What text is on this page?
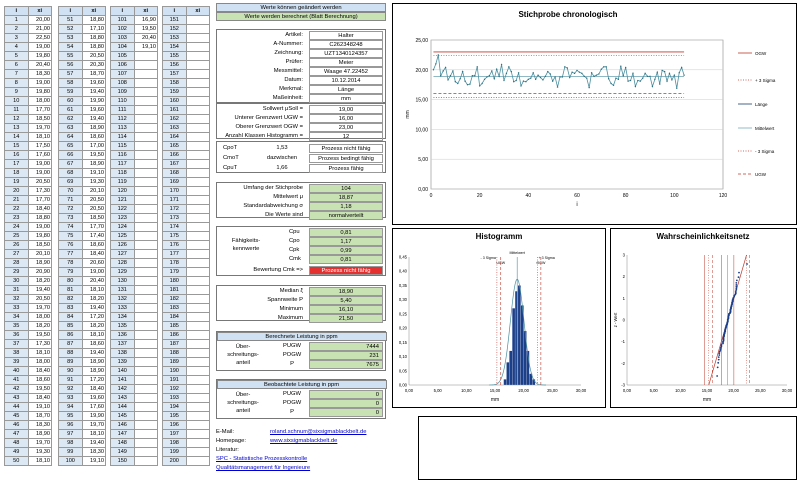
i	xi
1	20,00
2	21,00
3	22,50
4	19,00
5	19,80
6	20,40
7	18,30
8	19,00
9	19,80
10	18,00
11	17,70
12	18,50
13	19,70
14	18,10
15	17,50
16	17,60
17	19,00
18	19,00
19	20,50
20	17,30
21	17,70
22	18,40
23	18,80
24	19,00
25	19,80
26	18,50
27	20,10
28	18,90
29	20,90
30	18,20
31	19,40
32	20,50
33	19,70
34	18,00
35	18,20
36	19,50
37	17,30
38	18,10
39	18,00
40	18,40
41	18,60
42	19,50
43	18,40
44	19,10
45	18,70
46	18,30
47	18,90
48	19,70
49	19,30
50	18,10
i	xi
51	18,80
52	17,10
53	18,80
54	18,80
55	20,50
56	20,30
57	18,70
58	19,60
59	19,40
60	19,90
61	19,60
62	19,40
63	18,90
64	18,60
65	17,00
66	19,50
67	18,90
68	19,10
69	19,30
70	20,10
71	20,50
72	20,50
73	18,50
74	17,70
75	17,40
76	18,60
77	18,40
78	20,60
79	19,00
80	20,40
81	18,10
82	18,20
83	19,40
84	17,20
85	18,20
86	18,10
87	18,60
88	19,40
89	18,90
90	18,90
91	17,20
92	18,40
93	19,60
94	17,60
95	19,90
96	19,70
97	18,10
98	19,40
99	18,30
100	19,10
i	xi
101	16,90
102	19,50
103	20,40
104	19,10
105	
106	
107	
108	
109	
110	
111	
112	
113	
114	
115	
116	
117	
118	
119	
120	
121	
122	
123	
124	
125	
126	
127	
128	
129	
130	
131	
132	
133	
134	
135	
136	
137	
138	
139	
140	
141	
142	
143	
144	
145	
146	
147	
148	
149	
150	
i	xi
151	
152	
153	
154	
155	
156	
157	
158	
159	
160	
161	
162	
163	
164	
165	
166	
167	
168	
169	
170	
171	
172	
173	
174	
175	
176	
177	
178	
179	
180	
181	
182	
183	
184	
185	
186	
187	
188	
189	
190	
191	
192	
193	
194	
195	
196	
197	
198	
199	
200	
Werte können geändert werden
Werte werden berechnet (Blatt Berechnung)
Artikel:	Halter
A-Nummer:	C262348248
Zeichnung:	UZT1340124357
Prüfer:	Meier
Messmittel:	Waage 47.22452
Datum:	10.12.2014
Merkmal:	Länge
Maßeinheit:	mm
Sollwert μSoll =	19,00
Unterer Grenzwert UGW =	16,00
Oberer Grenzwert OGW =	23,00
Anzahl Klassen Histogramm =	12
CpoT	1,53	Prozess nicht fähig
CmoT	dazwischen	Prozess bedingt fähig
CpuT	1,66	Prozess fähig
Umfang der Stichprobe	104
Mittelwert μ	18,87
Standardabweichung σ	1,18
Die Werte sind	normalverteilt
Fähigkeits-
kennwerte
Cpu	0,81
Cpo	1,17
Cpk	0,99
Cmk	0,81
Bewertung Cmk =>	Prozess nicht fähig
Median ξ	18,90
Spannweite P	5,40
Minimum	16,10
Maximum	21,50
Berechnete Leistung in ppm
Über-
schreitungs-
anteil
PUGW	7444
POGW	231
P	7675
Beobachtete Leistung in ppm
Über-
schreitungs-
anteil
PUGW	0
POGW	0
P	0
E-Mail:	roland.schnurr@sixsigmablackbelt.de
Homepage:	www.sixsigmablackbelt.de
Literatur:
SPC - Statistische Prozesskontrolle
Qualitätsmanagement für Ingenieure
Stichprobe chronologisch
0,00
5,00
10,00
15,00
20,00
25,00
0	20	40	60	80	100	120
i
mm
OGW
+ 3 Sigma
Länge
Mittelwert
- 3 Sigma
UGW
Histogramm
0,00
0,05
0,10
0,15
0,20
0,25
0,30
0,35
0,40
0,45
0,00	5,00	10,00	15,00	20,00	25,00	30,00
mm
Mittelwert
+ 3 Sigma
- 3 Sigma
UGW	OGW
Wahrscheinlichkeitsnetz
-3
-2
-1
0
1
2
3
0,00	5,00	10,00	15,00	20,00	25,00	30,00
mm
z - Wert
